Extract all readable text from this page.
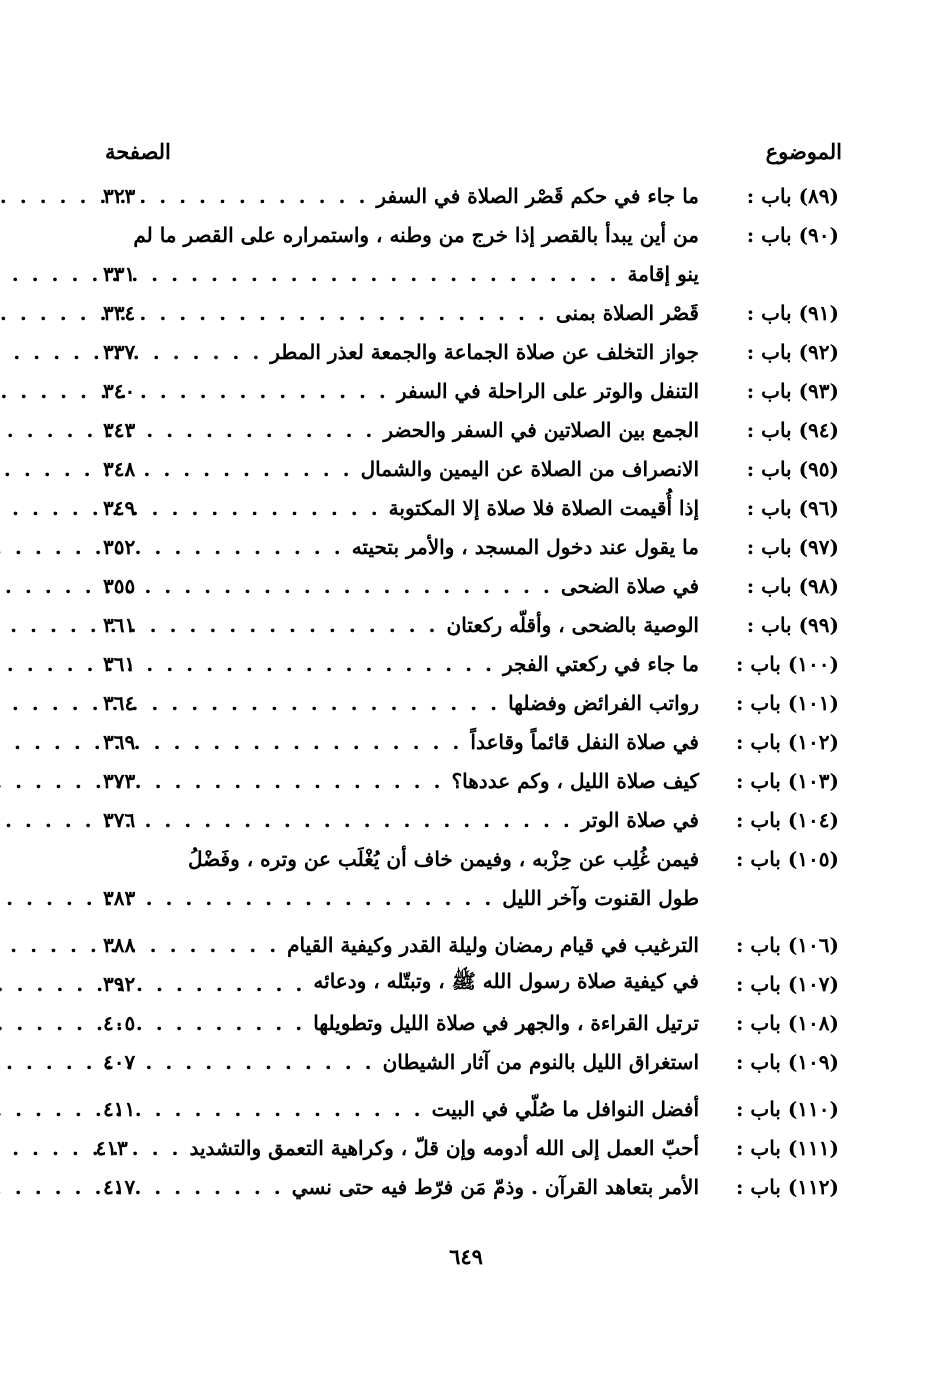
الموضوع
الصفحة
(٨٩) باب :
ما جاء في حكم قَصْر الصلاة في السفر
. . .
٣٢٣
(٩٠) باب :
من أين يبدأ بالقصر إذا خرج من وطنه ، واستمراره على القصر ما لم
ينو إقامة
. . .
٣٣١
(٩١) باب :
قَصْر الصلاة بمنى
. . .
٣٣٤
(٩٢) باب :
جواز التخلف عن صلاة الجماعة والجمعة لعذر المطر
. . .
٣٣٧
(٩٣) باب :
التنفل والوتر على الراحلة في السفر
. . .
٣٤٠
(٩٤) باب :
الجمع بين الصلاتين في السفر والحضر
. . .
٣٤٣
(٩٥) باب :
الانصراف من الصلاة عن اليمين والشمال
. . .
٣٤٨
(٩٦) باب :
إذا أُقيمت الصلاة فلا صلاة إلا المكتوبة
. . .
٣٤٩
(٩٧) باب :
ما يقول عند دخول المسجد ، والأمر بتحيته
. . .
٣٥٢
(٩٨) باب :
في صلاة الضحى
. . .
٣٥٥
(٩٩) باب :
الوصية بالضحى ، وأقلّه ركعتان
. . .
٣٦١
(١٠٠) باب :
ما جاء في ركعتي الفجر
. . .
٣٦١
(١٠١) باب :
رواتب الفرائض وفضلها
. . .
٣٦٤
(١٠٢) باب :
في صلاة النفل قائماً وقاعداً
. . .
٣٦٩
(١٠٣) باب :
كيف صلاة الليل ، وكم عددها؟
. . .
٣٧٣
(١٠٤) باب :
في صلاة الوتر
. . .
٣٧٦
(١٠٥) باب :
فيمن غُلِب عن حِزْبه ، وفيمن خاف أن يُغْلَب عن وتره ، وفَضْلُ
طول القنوت وآخر الليل
. . .
٣٨٣
(١٠٦) باب :
الترغيب في قيام رمضان وليلة القدر وكيفية القيام
. . .
٣٨٨
(١٠٧) باب :
في كيفية صلاة رسول الله ﷺ ، وتبتّله ، ودعائه
. . .
٣٩٢
(١٠٨) باب :
ترتيل القراءة ، والجهر في صلاة الليل وتطويلها
. . .
٤٠٥
(١٠٩) باب :
استغراق الليل بالنوم من آثار الشيطان
. . .
٤٠٧
(١١٠) باب :
أفضل النوافل ما صُلّي في البيت
. . .
٤١١
(١١١) باب :
أحبّ العمل إلى الله أدومه وإن قلّ ، وكراهية التعمق والتشديد
. . .
٤١٣
(١١٢) باب :
الأمر بتعاهد القرآن . وذمّ مَن فرّط فيه حتى نسي
. . .
٤١٧
٦٤٩
